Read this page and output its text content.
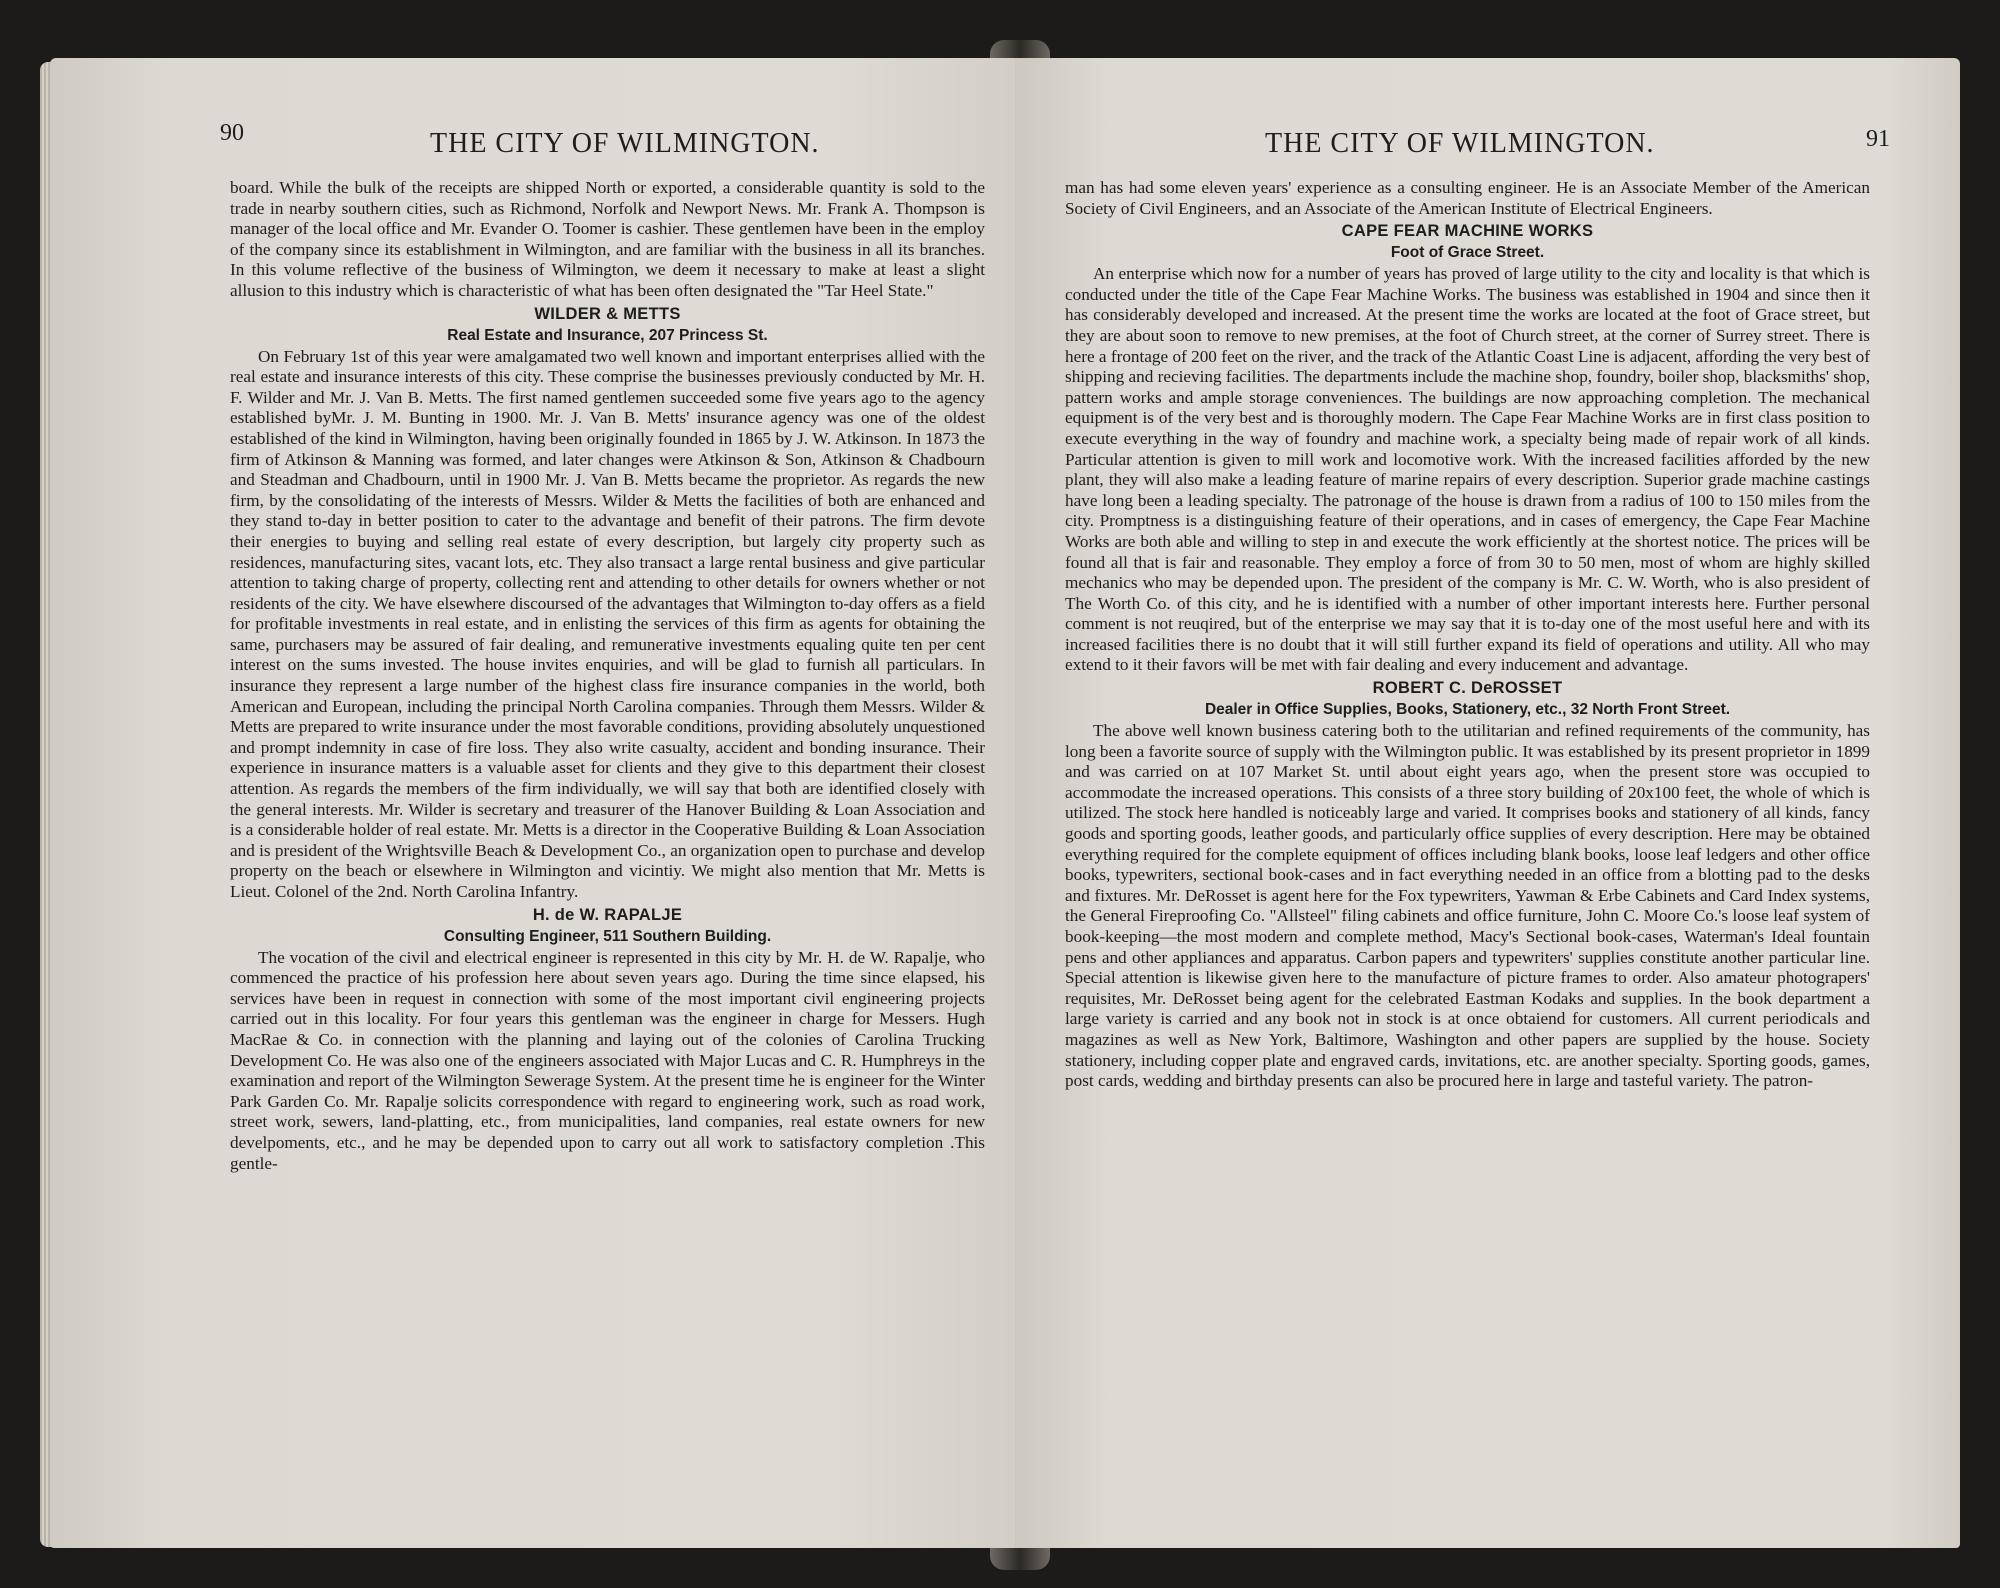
90	THE CITY OF WILMINGTON.

board. While the bulk of the receipts are shipped North or exported, a considerable quantity is sold to the trade in nearby southern cities, such as Richmond, Norfolk and Newport News. Mr. Frank A. Thompson is manager of the local office and Mr. Evander O. Toomer is cashier. These gentlemen have been in the employ of the company since its establishment in Wilmington, and are familiar with the business in all its branches. In this volume reflective of the business of Wilmington, we deem it necessary to make at least a slight allusion to this industry which is characteristic of what has been often designated the "Tar Heel State."

WILDER & METTS
Real Estate and Insurance, 207 Princess St.

On February 1st of this year were amalgamated two well known and important enterprises allied with the real estate and insurance interests of this city. These comprise the businesses previously conducted by Mr. H. F. Wilder and Mr. J. Van B. Metts. The first named gentlemen succeeded some five years ago to the agency established byMr. J. M. Bunting in 1900. Mr. J. Van B. Metts' insurance agency was one of the oldest established of the kind in Wilmington, having been originally founded in 1865 by J. W. Atkinson. In 1873 the firm of Atkinson & Manning was formed, and later changes were Atkinson & Son, Atkinson & Chadbourn and Steadman and Chadbourn, until in 1900 Mr. J. Van B. Metts became the proprietor. As regards the new firm, by the consolidating of the interests of Messrs. Wilder & Metts the facilities of both are enhanced and they stand to-day in better position to cater to the advantage and benefit of their patrons. The firm devote their energies to buying and selling real estate of every description, but largely city property such as residences, manufacturing sites, vacant lots, etc. They also transact a large rental business and give particular attention to taking charge of property, collecting rent and attending to other details for owners whether or not residents of the city. We have elsewhere discoursed of the advantages that Wilmington to-day offers as a field for profitable investments in real estate, and in enlisting the services of this firm as agents for obtaining the same, purchasers may be assured of fair dealing, and remunerative investments equaling quite ten per cent interest on the sums invested. The house invites enquiries, and will be glad to furnish all particulars. In insurance they represent a large number of the highest class fire insurance companies in the world, both American and European, including the principal North Carolina companies. Through them Messrs. Wilder & Metts are prepared to write insurance under the most favorable conditions, providing absolutely unquestioned and prompt indemnity in case of fire loss. They also write casualty, accident and bonding insurance. Their experience in insurance matters is a valuable asset for clients and they give to this department their closest attention. As regards the members of the firm individually, we will say that both are identified closely with the general interests. Mr. Wilder is secretary and treasurer of the Hanover Building & Loan Association and is a considerable holder of real estate. Mr. Metts is a director in the Cooperative Building & Loan Association and is president of the Wrightsville Beach & Development Co., an organization open to purchase and develop property on the beach or elsewhere in Wilmington and vicintiy. We might also mention that Mr. Metts is Lieut. Colonel of the 2nd. North Carolina Infantry.

H. de W. RAPALJE
Consulting Engineer, 511 Southern Building.

The vocation of the civil and electrical engineer is represented in this city by Mr. H. de W. Rapalje, who commenced the practice of his profession here about seven years ago. During the time since elapsed, his services have been in request in connection with some of the most important civil engineering projects carried out in this locality. For four years this gentleman was the engineer in charge for Messers. Hugh MacRae & Co. in connection with the planning and laying out of the colonies of Carolina Trucking Development Co. He was also one of the engineers associated with Major Lucas and C. R. Humphreys in the examination and report of the Wilmington Sewerage System. At the present time he is engineer for the Winter Park Garden Co. Mr. Rapalje solicits correspondence with regard to engineering work, such as road work, street work, sewers, land-platting, etc., from municipalities, land companies, real estate owners for new develpoments, etc., and he may be depended upon to carry out all work to satisfactory completion .This gentle-

THE CITY OF WILMINGTON.	91

man has had some eleven years' experience as a consulting engineer. He is an Associate Member of the American Society of Civil Engineers, and an Associate of the American Institute of Electrical Engineers.

CAPE FEAR MACHINE WORKS
Foot of Grace Street.

An enterprise which now for a number of years has proved of large utility to the city and locality is that which is conducted under the title of the Cape Fear Machine Works. The business was established in 1904 and since then it has considerably developed and increased. At the present time the works are located at the foot of Grace street, but they are about soon to remove to new premises, at the foot of Church street, at the corner of Surrey street. There is here a frontage of 200 feet on the river, and the track of the Atlantic Coast Line is adjacent, affording the very best of shipping and recieving facilities. The departments include the machine shop, foundry, boiler shop, blacksmiths' shop, pattern works and ample storage conveniences. The buildings are now approaching completion. The mechanical equipment is of the very best and is thoroughly modern. The Cape Fear Machine Works are in first class position to execute everything in the way of foundry and machine work, a specialty being made of repair work of all kinds. Particular attention is given to mill work and locomotive work. With the increased facilities afforded by the new plant, they will also make a leading feature of marine repairs of every description. Superior grade machine castings have long been a leading specialty. The patronage of the house is drawn from a radius of 100 to 150 miles from the city. Promptness is a distinguishing feature of their operations, and in cases of emergency, the Cape Fear Machine Works are both able and willing to step in and execute the work efficiently at the shortest notice. The prices will be found all that is fair and reasonable. They employ a force of from 30 to 50 men, most of whom are highly skilled mechanics who may be depended upon. The president of the company is Mr. C. W. Worth, who is also president of The Worth Co. of this city, and he is identified with a number of other important interests here. Further personal comment is not reuqired, but of the enterprise we may say that it is to-day one of the most useful here and with its increased facilities there is no doubt that it will still further expand its field of operations and utility. All who may extend to it their favors will be met with fair dealing and every inducement and advantage.

ROBERT C. DeROSSET
Dealer in Office Supplies, Books, Stationery, etc., 32 North Front Street.

The above well known business catering both to the utilitarian and refined requirements of the community, has long been a favorite source of supply with the Wilmington public. It was established by its present proprietor in 1899 and was carried on at 107 Market St. until about eight years ago, when the present store was occupied to accommodate the increased operations. This consists of a three story building of 20x100 feet, the whole of which is utilized. The stock here handled is noticeably large and varied. It comprises books and stationery of all kinds, fancy goods and sporting goods, leather goods, and particularly office supplies of every description. Here may be obtained everything required for the complete equipment of offices including blank books, loose leaf ledgers and other office books, typewriters, sectional book-cases and in fact everything needed in an office from a blotting pad to the desks and fixtures. Mr. DeRosset is agent here for the Fox typewriters, Yawman & Erbe Cabinets and Card Index systems, the General Fireproofing Co. "Allsteel" filing cabinets and office furniture, John C. Moore Co.'s loose leaf system of book-keeping—the most modern and complete method, Macy's Sectional book-cases, Waterman's Ideal fountain pens and other appliances and apparatus. Carbon papers and typewriters' supplies constitute another particular line. Special attention is likewise given here to the manufacture of picture frames to order. Also amateur photograpers' requisites, Mr. DeRosset being agent for the celebrated Eastman Kodaks and supplies. In the book department a large variety is carried and any book not in stock is at once obtaiend for customers. All current periodicals and magazines as well as New York, Baltimore, Washington and other papers are supplied by the house. Society stationery, including copper plate and engraved cards, invitations, etc. are another specialty. Sporting goods, games, post cards, wedding and birthday presents can also be procured here in large and tasteful variety. The patron-
